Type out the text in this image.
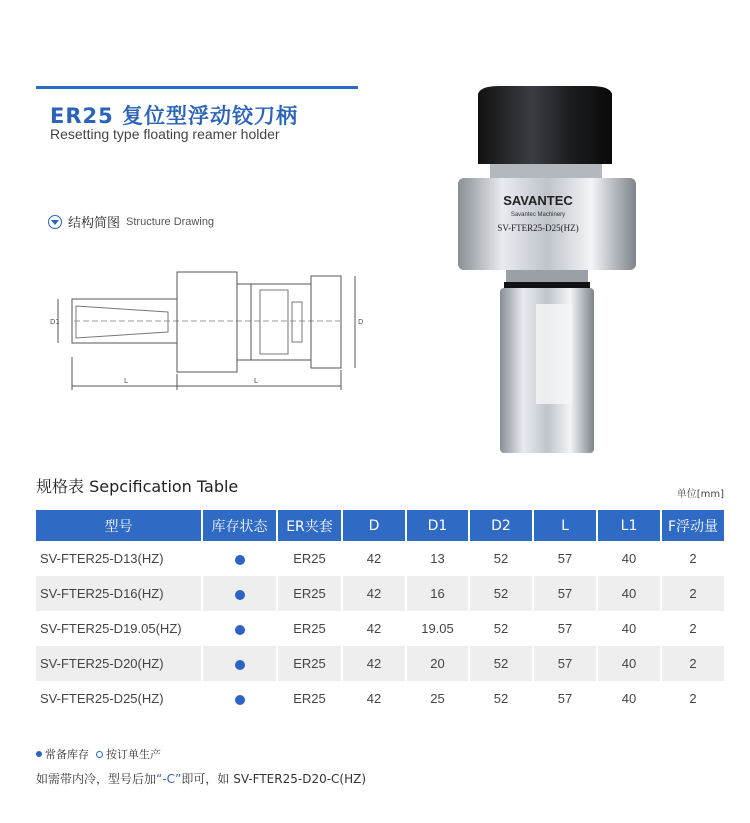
ER25 复位型浮动铰刀柄
Resetting type floating reamer holder
结构简图 Structure Drawing
L	L
D1	D
SAVANTEC
Savantec Machinery
SV-FTER25-D25(HZ)
规格表 Sepcification Table	单位[mm]
型号	库存状态	ER夹套	D	D1	D2	L	L1	F浮动量
SV-FTER25-D13(HZ)		ER25	42	13	52	57	40	2
SV-FTER25-D16(HZ)		ER25	42	16	52	57	40	2
SV-FTER25-D19.05(HZ)		ER25	42	19.05	52	57	40	2
SV-FTER25-D20(HZ)		ER25	42	20	52	57	40	2
SV-FTER25-D25(HZ)		ER25	42	25	52	57	40	2
常备库存 按订单生产
如需带内冷，型号后加“-C”即可，如 SV-FTER25-D20-C(HZ)
